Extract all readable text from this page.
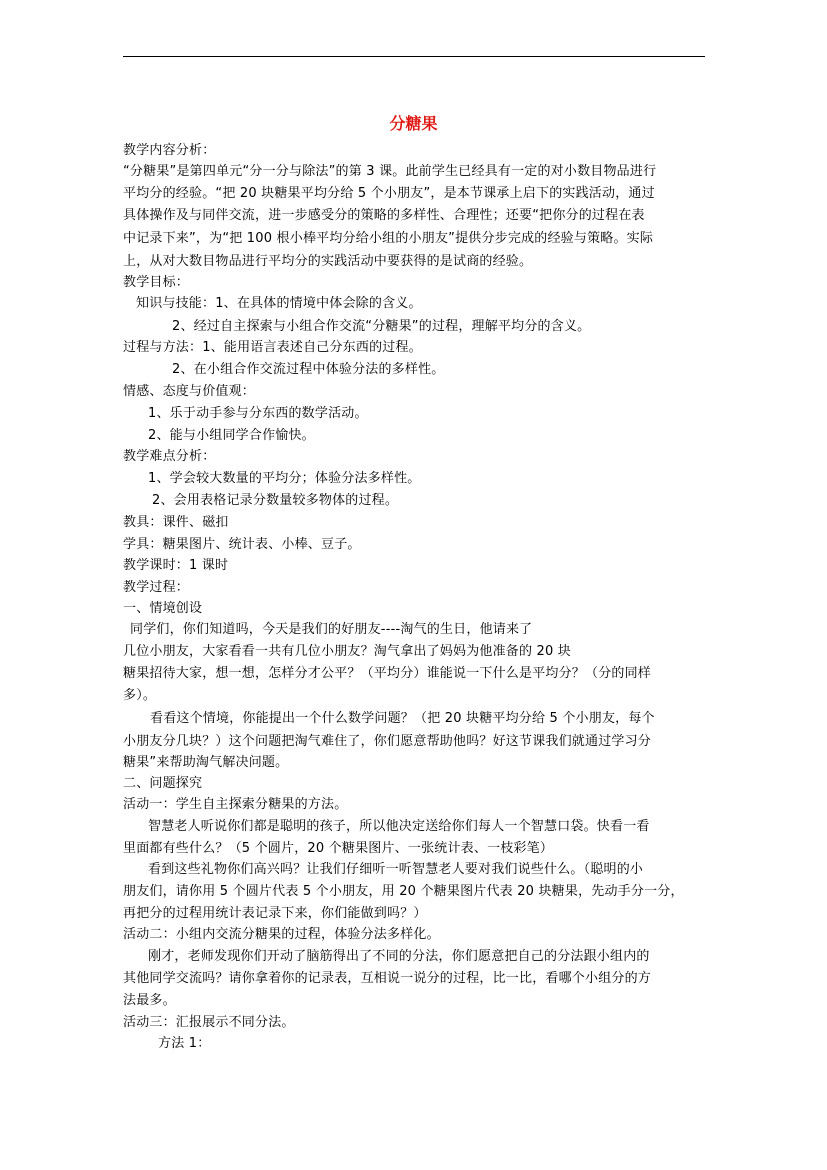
分糖果
教学内容分析：
“分糖果”是第四单元“分一分与除法”的第 3 课。此前学生已经具有一定的对小数目物品进行
平均分的经验。“把 20 块糖果平均分给 5 个小朋友”，是本节课承上启下的实践活动，通过
具体操作及与同伴交流，进一步感受分的策略的多样性、合理性；还要“把你分的过程在表
中记录下来”，为“把 100 根小棒平均分给小组的小朋友”提供分步完成的经验与策略。实际
上，从对大数目物品进行平均分的实践活动中要获得的是试商的经验。
教学目标：
知识与技能：1、在具体的情境中体会除的含义。
2、经过自主探索与小组合作交流“分糖果”的过程，理解平均分的含义。
过程与方法：1、能用语言表述自己分东西的过程。
2、在小组合作交流过程中体验分法的多样性。
情感、态度与价值观：
1、乐于动手参与分东西的数学活动。
2、能与小组同学合作愉快。
教学难点分析：
1、学会较大数量的平均分；体验分法多样性。
2、会用表格记录分数量较多物体的过程。
教具：课件、磁扣
学具：糖果图片、统计表、小棒、豆子。
教学课时：1 课时
教学过程：
一、情境创设
同学们，你们知道吗，今天是我们的好朋友----淘气的生日，他请来了
几位小朋友，大家看看一共有几位小朋友？淘气拿出了妈妈为他准备的 20 块
糖果招待大家，想一想，怎样分才公平？（平均分）谁能说一下什么是平均分？（分的同样
多）。
看看这个情境，你能提出一个什么数学问题？（把 20 块糖平均分给 5 个小朋友，每个
小朋友分几块？）这个问题把淘气难住了，你们愿意帮助他吗？好这节课我们就通过学习分
糖果”来帮助淘气解决问题。
二、问题探究
活动一：学生自主探索分糖果的方法。
智慧老人听说你们都是聪明的孩子，所以他决定送给你们每人一个智慧口袋。快看一看
里面都有些什么？（5 个圆片，20 个糖果图片、一张统计表、一枝彩笔）
看到这些礼物你们高兴吗？让我们仔细听一听智慧老人要对我们说些什么。（聪明的小
朋友们，请你用 5 个圆片代表 5 个小朋友，用 20 个糖果图片代表 20 块糖果，先动手分一分，
再把分的过程用统计表记录下来，你们能做到吗？）
活动二：小组内交流分糖果的过程，体验分法多样化。
刚才，老师发现你们开动了脑筋得出了不同的分法，你们愿意把自己的分法跟小组内的
其他同学交流吗？请你拿着你的记录表，互相说一说分的过程，比一比，看哪个小组分的方
法最多。
活动三：汇报展示不同分法。
方法 1：
